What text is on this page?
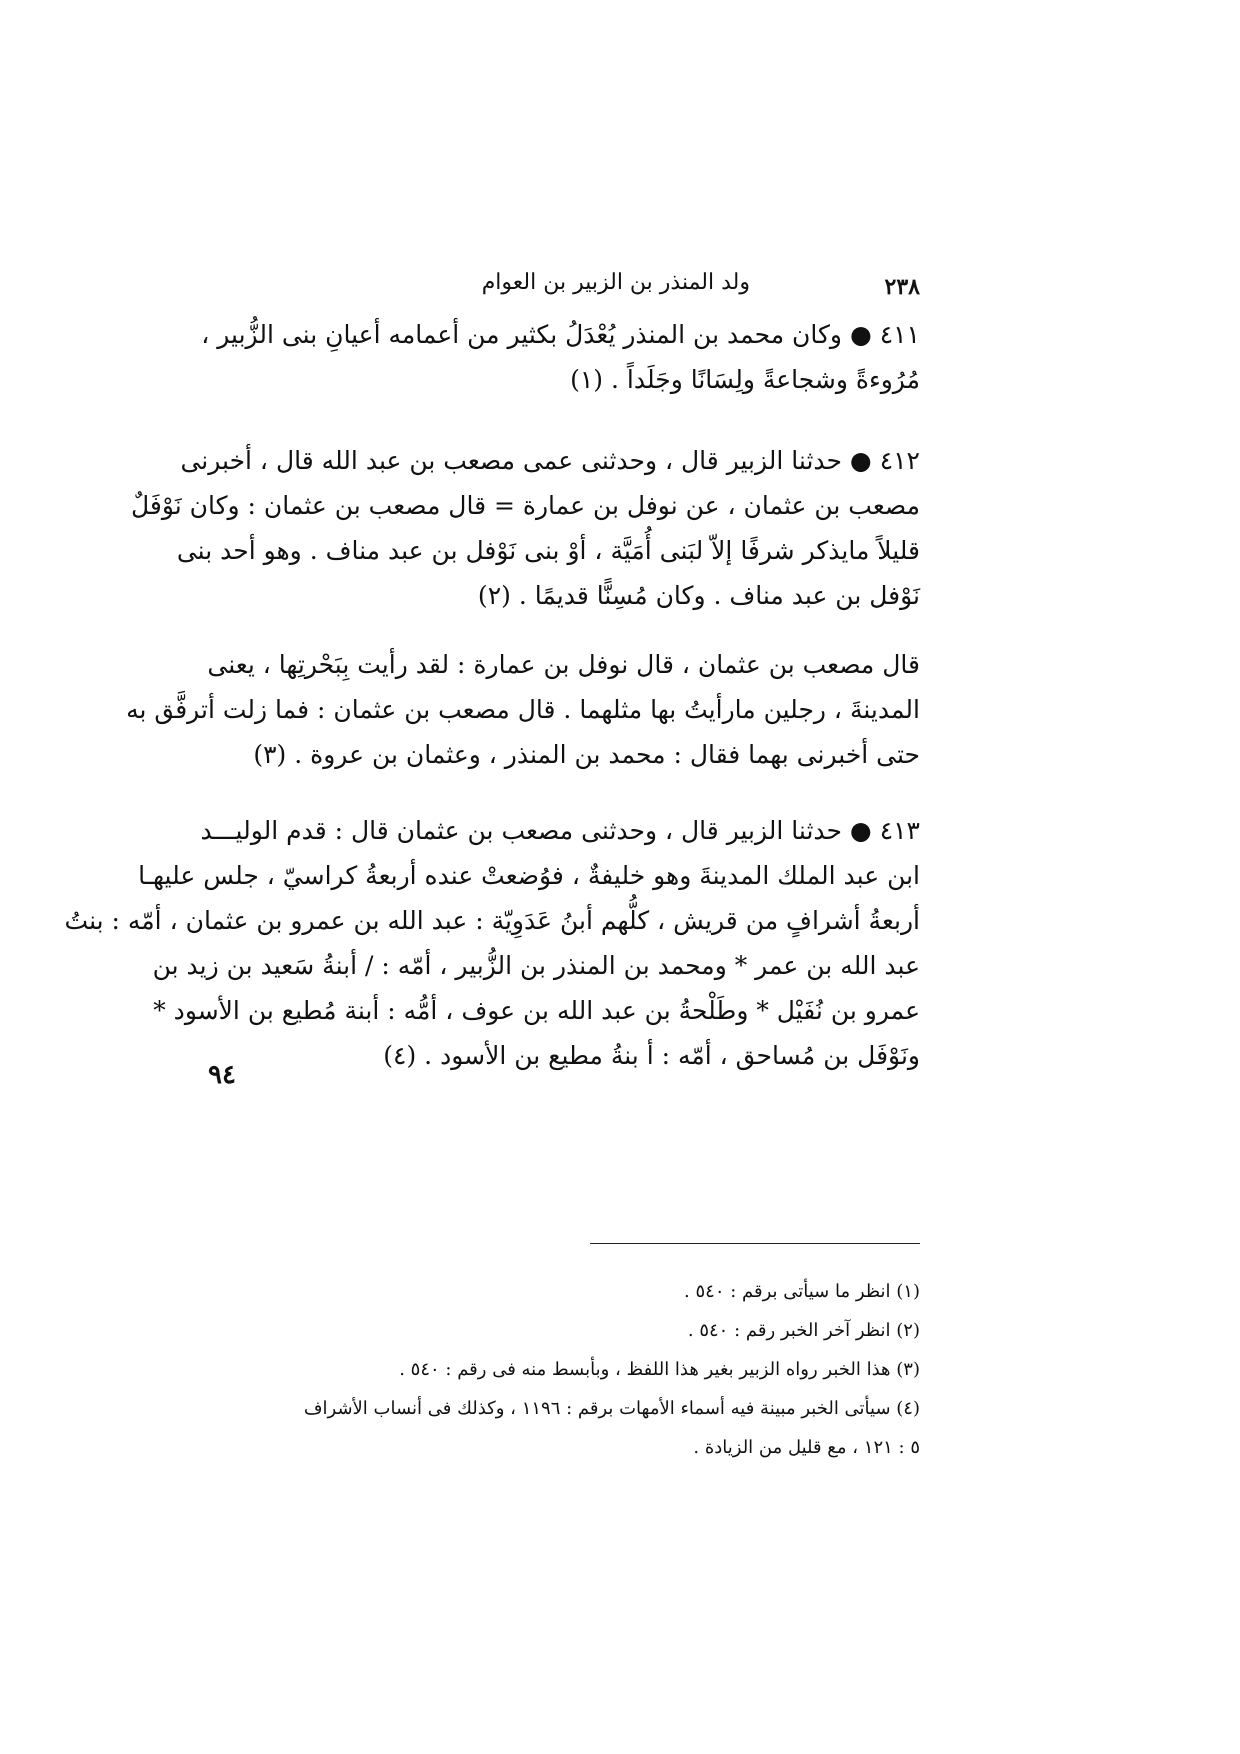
٢٣٨
ولد المنذر بن الزبير بن العوام
٤١١ ● وكان محمد بن المنذر يُعْدَلُ بكثير من أعمامه أعيانِ بنى الزُّبير ،
مُرُوءةً وشجاعةً ولِسَانًا وجَلَداً . (١)
٤١٢ ● حدثنا الزبير قال ، وحدثنى عمى مصعب بن عبد الله قال ، أخبرنى
مصعب بن عثمان ، عن نوفل بن عمارة = قال مصعب بن عثمان : وكان نَوْفَلٌ
قليلاً مايذكر شرفًا إلاّ لبَنى أُمَيَّة ، أوْ بنى نَوْفل بن عبد مناف . وهو أحد بنى
نَوْفل بن عبد مناف . وكان مُسِنًّا قديمًا . (٢)
قال مصعب بن عثمان ، قال نوفل بن عمارة : لقد رأيت بِبَحْرتِها ، يعنى
المدينةَ ، رجلين مارأيتُ بها مثلهما . قال مصعب بن عثمان : فما زلت أترفَّق به
حتى أخبرنى بهما فقال : محمد بن المنذر ، وعثمان بن عروة . (٣)
٤١٣ ● حدثنا الزبير قال ، وحدثنى مصعب بن عثمان قال : قدم الوليـــد
ابن عبد الملك المدينةَ وهو خليفةٌ ، فوُضعتْ عنده أربعةُ كراسيّ ، جلس عليهـا
أربعةُ أشرافٍ من قريش ، كلُّهم أبنُ عَدَوِيّة : عبد الله بن عمرو بن عثمان ، أمّه : بنتُ
عبد الله بن عمر * ومحمد بن المنذر بن الزُّبير ، أمّه : / أبنةُ سَعيد بن زيد بن
عمرو بن نُفَيْل * وطَلْحةُ بن عبد الله بن عوف ، أمُّه : أبنة مُطيع بن الأسود *
ونَوْفَل بن مُساحق ، أمّه : أ بنةُ مطيع بن الأسود . (٤)
٩٤
(١) انظر ما سيأتى برقم : ٥٤٠ .
(٢) انظر آخر الخبر رقم : ٥٤٠ .
(٣) هذا الخبر رواه الزبير بغير هذا اللفظ ، وبأبسط منه فى رقم : ٥٤٠ .
(٤) سيأتى الخبر مبينة فيه أسماء الأمهات برقم : ١١٩٦ ، وكذلك فى أنساب الأشراف
٥ : ١٢١ ، مع قليل من الزيادة .
